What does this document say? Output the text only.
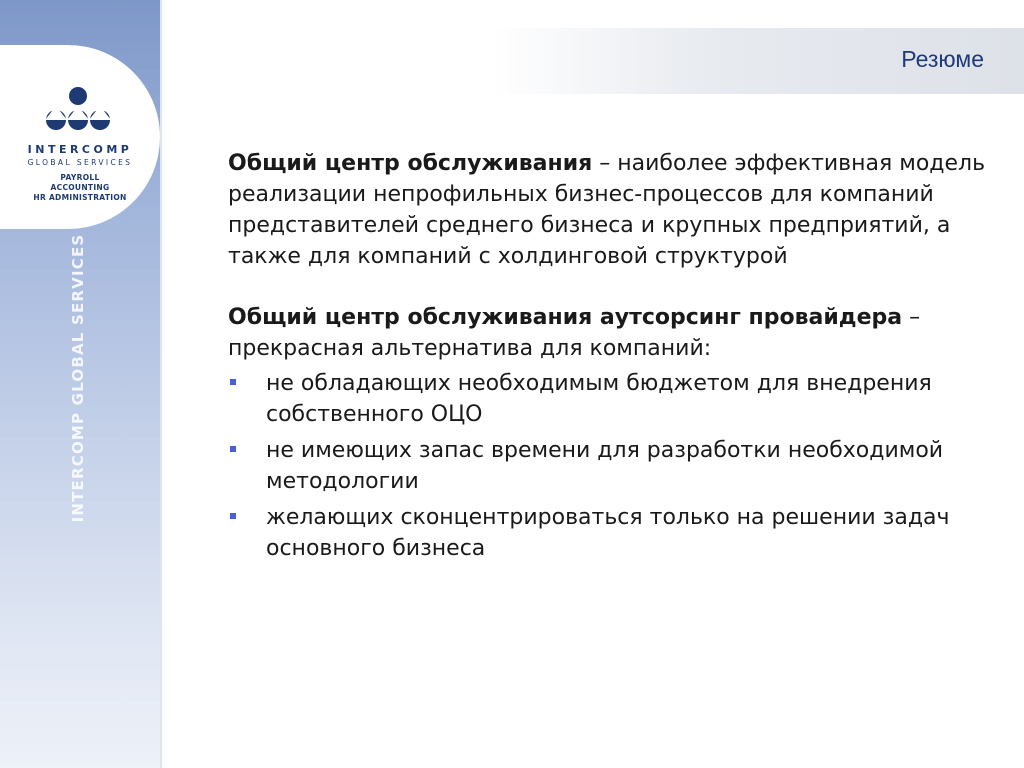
INTERCOMP
GLOBAL SERVICES
PAYROLL
ACCOUNTING
HR ADMINISTRATION
INTERCOMP GLOBAL SERVICES
Резюме

Общий центр обслуживания – наиболее эффективная модель реализации непрофильных бизнес-процессов для компаний представителей среднего бизнеса и крупных предприятий, а также для компаний с холдинговой структурой

Общий центр обслуживания аутсорсинг провайдера – прекрасная альтернатива для компаний:

не обладающих необходимым бюджетом для внедрения собственного ОЦО
не имеющих запас времени для разработки необходимой методологии
желающих сконцентрироваться только на решении задач основного бизнеса
